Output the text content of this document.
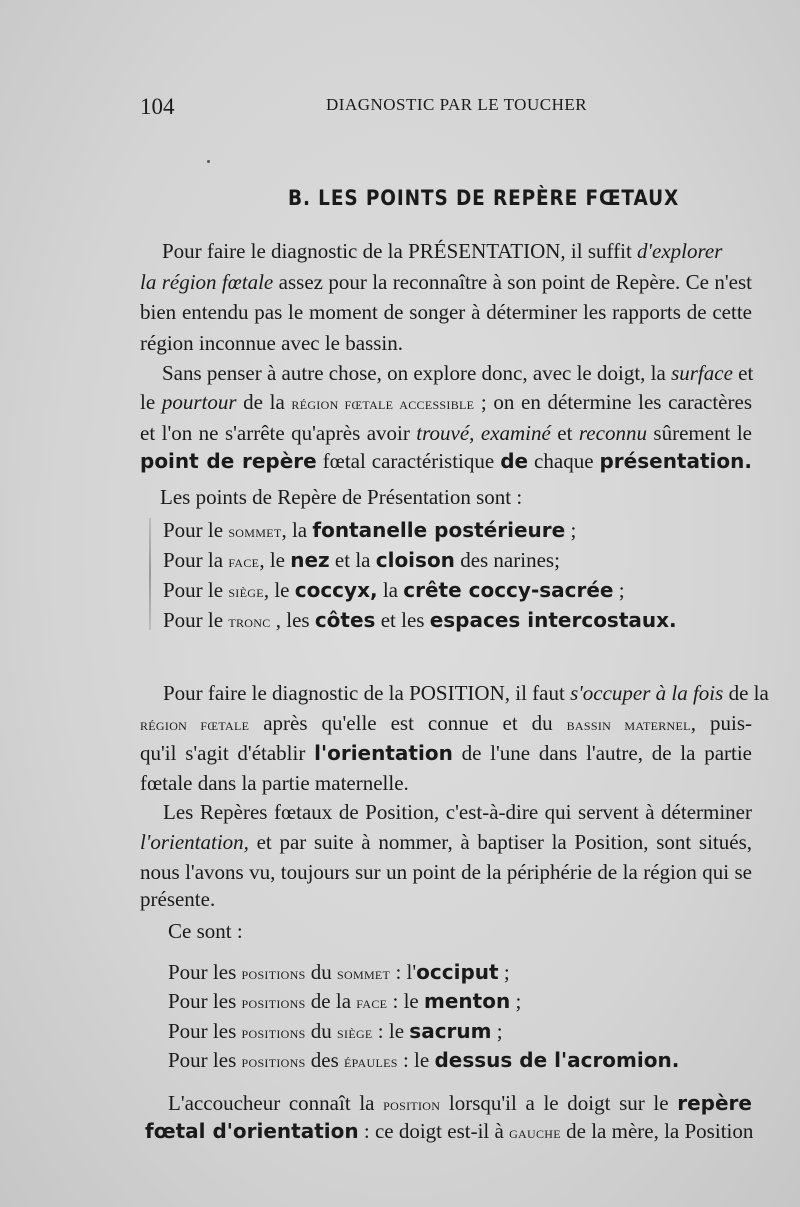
104	DIAGNOSTIC PAR LE TOUCHER
B. LES POINTS DE REPÈRE FŒTAUX
Pour faire le diagnostic de la PRÉSENTATION, il suffit d'explorer
la région fœtale assez pour la reconnaître à son point de Repère. Ce n'est
bien entendu pas le moment de songer à déterminer les rapports de cette
région inconnue avec le bassin.
Sans penser à autre chose, on explore donc, avec le doigt, la surface et
le pourtour de la région fœtale accessible ; on en détermine les caractères
et l'on ne s'arrête qu'après avoir trouvé, examiné et reconnu sûrement le
point de repère fœtal caractéristique de chaque présentation.
Les points de Repère de Présentation sont :
Pour le sommet, la fontanelle postérieure ;
Pour la face, le nez et la cloison des narines;
Pour le siège, le coccyx, la crête coccy-sacrée ;
Pour le tronc , les côtes et les espaces intercostaux.
Pour faire le diagnostic de la POSITION, il faut s'occuper à la fois de la
région fœtale après qu'elle est connue et du bassin maternel, puis-
qu'il s'agit d'établir l'orientation de l'une dans l'autre, de la partie
fœtale dans la partie maternelle.
Les Repères fœtaux de Position, c'est-à-dire qui servent à déterminer
l'orientation, et par suite à nommer, à baptiser la Position, sont situés,
nous l'avons vu, toujours sur un point de la périphérie de la région qui se
présente.
Ce sont :
Pour les positions du sommet : l'occiput ;
Pour les positions de la face : le menton ;
Pour les positions du siège : le sacrum ;
Pour les positions des épaules : le dessus de l'acromion.
L'accoucheur connaît la position lorsqu'il a le doigt sur le repère
fœtal d'orientation : ce doigt est-il à gauche de la mère, la Position
